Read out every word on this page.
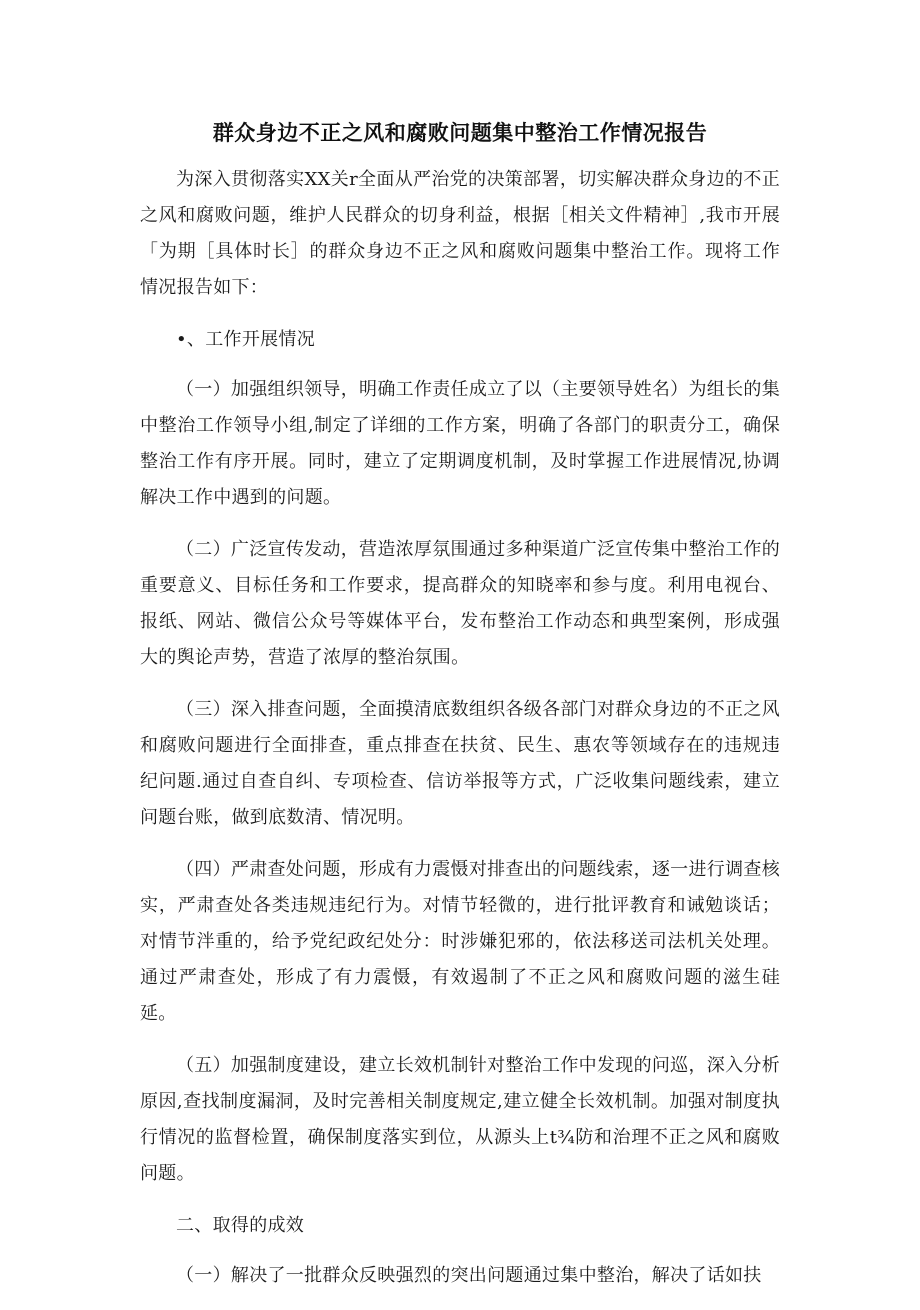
群众身边不正之风和腐败问题集中整治工作情况报告

为深入贯彻落实XX关r全面从严治党的决策部署，切实解决群众身边的不正之风和腐败问题，维护人民群众的切身利益，根据［相关文件精神］,我市开展「为期［具体时长］的群众身边不正之风和腐败问题集中整治工作。现将工作情况报告如下：

•、工作开展情况

（一）加强组织领导，明确工作责任成立了以（主要领导姓名）为组长的集中整治工作领导小组,制定了详细的工作方案，明确了各部门的职责分工，确保整治工作有序开展。同时，建立了定期调度机制，及时掌握工作进展情况,协调解决工作中遇到的问题。

（二）广泛宣传发动，营造浓厚氛围通过多种渠道广泛宣传集中整治工作的重要意义、目标任务和工作要求，提高群众的知晓率和参与度。利用电视台、报纸、网站、微信公众号等媒体平台，发布整治工作动态和典型案例，形成强大的舆论声势，营造了浓厚的整治氛围。

（三）深入排查问题，全面摸清底数组织各级各部门对群众身边的不正之风和腐败问题进行全面排查，重点排查在扶贫、民生、惠农等领域存在的违规违纪问题.通过自查自纠、专项检查、信访举报等方式，广泛收集问题线索，建立问题台账，做到底数清、情况明。

（四）严肃查处问题，形成有力震慑对排查出的问题线索，逐一进行调查核实，严肃查处各类违规违纪行为。对情节轻微的，进行批评教育和诫勉谈话；对情节泮重的，给予党纪政纪处分：时涉嫌犯邪的，依法移送司法机关处理。通过严肃查处，形成了有力震慑，有效遏制了不正之风和腐败问题的滋生硅延。

（五）加强制度建设，建立长效机制针对整治工作中发现的问巡，深入分析原因,查找制度漏洞，及时完善相关制度规定,建立健全长效机制。加强对制度执行情况的监督检置，确保制度落实到位，从源头上t¾防和治理不正之风和腐败问题。

二、取得的成效

（一）解决了一批群众反映强烈的突出问题通过集中整治，解决了话如扶
